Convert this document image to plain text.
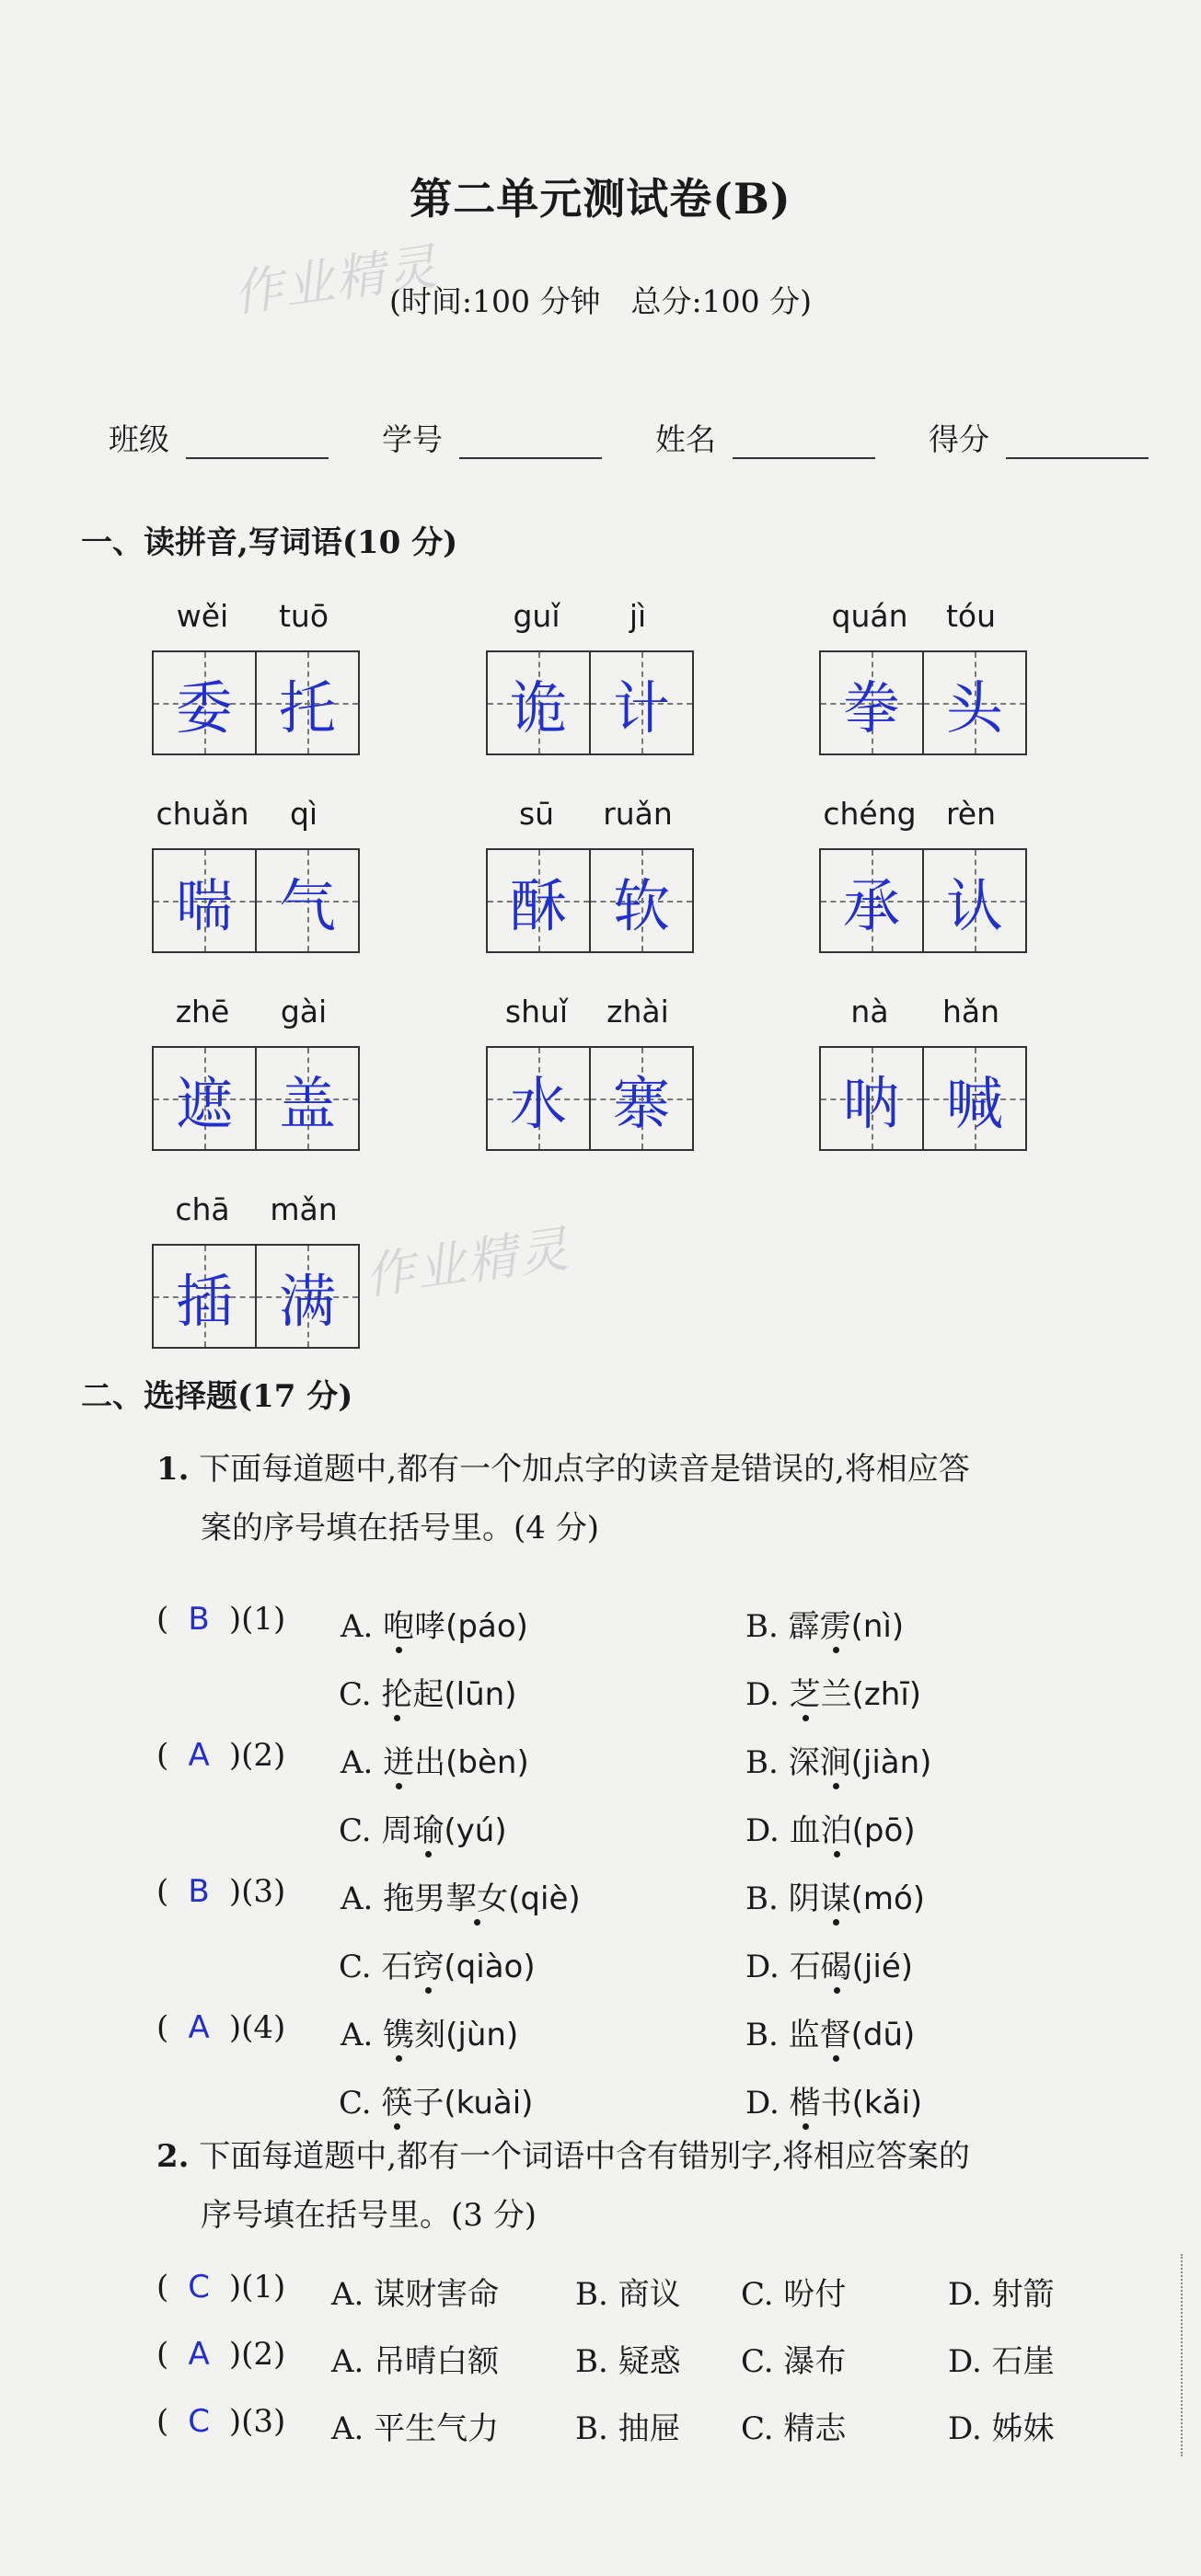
第二单元测试卷(B)
作业精灵
(时间:100 分钟　总分:100 分)
班级	学号	姓名	得分
一、读拼音,写词语(10 分)
wěi	tuō
委 托
guǐ	jì
诡 计
quán	tóu
拳 头
chuǎn	qì
喘 气
sū	ruǎn
酥 软
chéng rèn
承 认
zhē	gài
遮 盖
shuǐ	zhài
水 寨
nà	hǎn
呐 喊
chā	mǎn
插 满 作业精灵
二、选择题(17 分)
1. 下面每道题中,都有一个加点字的读音是错误的,将相应答
案的序号填在括号里。(4 分)
( B )(1) A. 咆哮(páo)	B. 霹雳(nì)
C. 抡起(lūn)	D. 芝兰(zhī)
( A )(2) A. 迸出(bèn)	B. 深涧(jiàn)
C. 周瑜(yú)	D. 血泊(pō)
( B )(3) A. 拖男挈女(qiè)	B. 阴谋(mó)
C. 石窍(qiào)	D. 石碣(jié)
( A )(4) A. 镌刻(jùn)	B. 监督(dū)
C. 筷子(kuài)	D. 楷书(kǎi)
2. 下面每道题中,都有一个词语中含有错别字,将相应答案的
序号填在括号里。(3 分)
( C )(1) A. 谋财害命 B. 商议 C. 吩付	D. 射箭
( A )(2) A. 吊晴白额 B. 疑惑 C. 瀑布	D. 石崖
( C )(3) A. 平生气力 B. 抽屉 C. 精志	D. 姊妹
